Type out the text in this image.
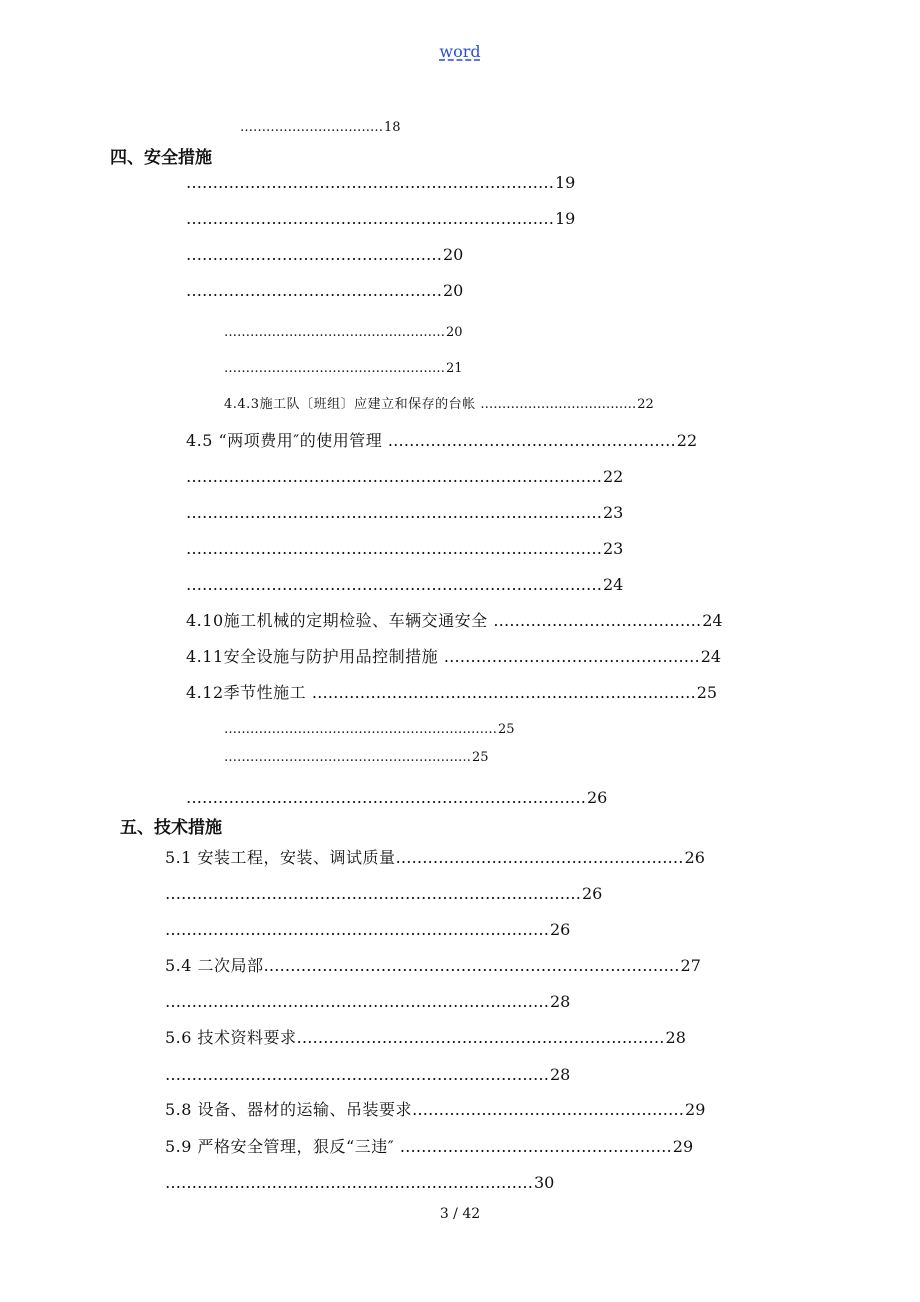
word
……………………………18
四、安全措施
……………………………………………………………19
……………………………………………………………19
…………………………………………20
…………………………………………20
……………………………………………20
……………………………………………21
4.4.3施工队〔班组〕应建立和保存的台帐 ………………………………22
4.5 “两项费用″的使用管理 ………………………………………………22
……………………………………………………………………22
……………………………………………………………………23
……………………………………………………………………23
……………………………………………………………………24
4.10施工机械的定期检验、车辆交通安全 …………………………………24
4.11安全设施与防护用品控制措施 …………………………………………24
4.12季节性施工 ………………………………………………………………25
………………………………………………………25
…………………………………………………25
…………………………………………………………………26
五、技术措施
5.1 安装工程，安装、调试质量………………………………………………26
……………………………………………………………………26
………………………………………………………………26
5.4 二次局部……………………………………………………………………27
………………………………………………………………28
5.6 技术资料要求……………………………………………………………28
………………………………………………………………28
5.8 设备、器材的运输、吊装要求……………………………………………29
5.9 严格安全管理，狠反“三违″ ……………………………………………29
……………………………………………………………30
3 / 42
